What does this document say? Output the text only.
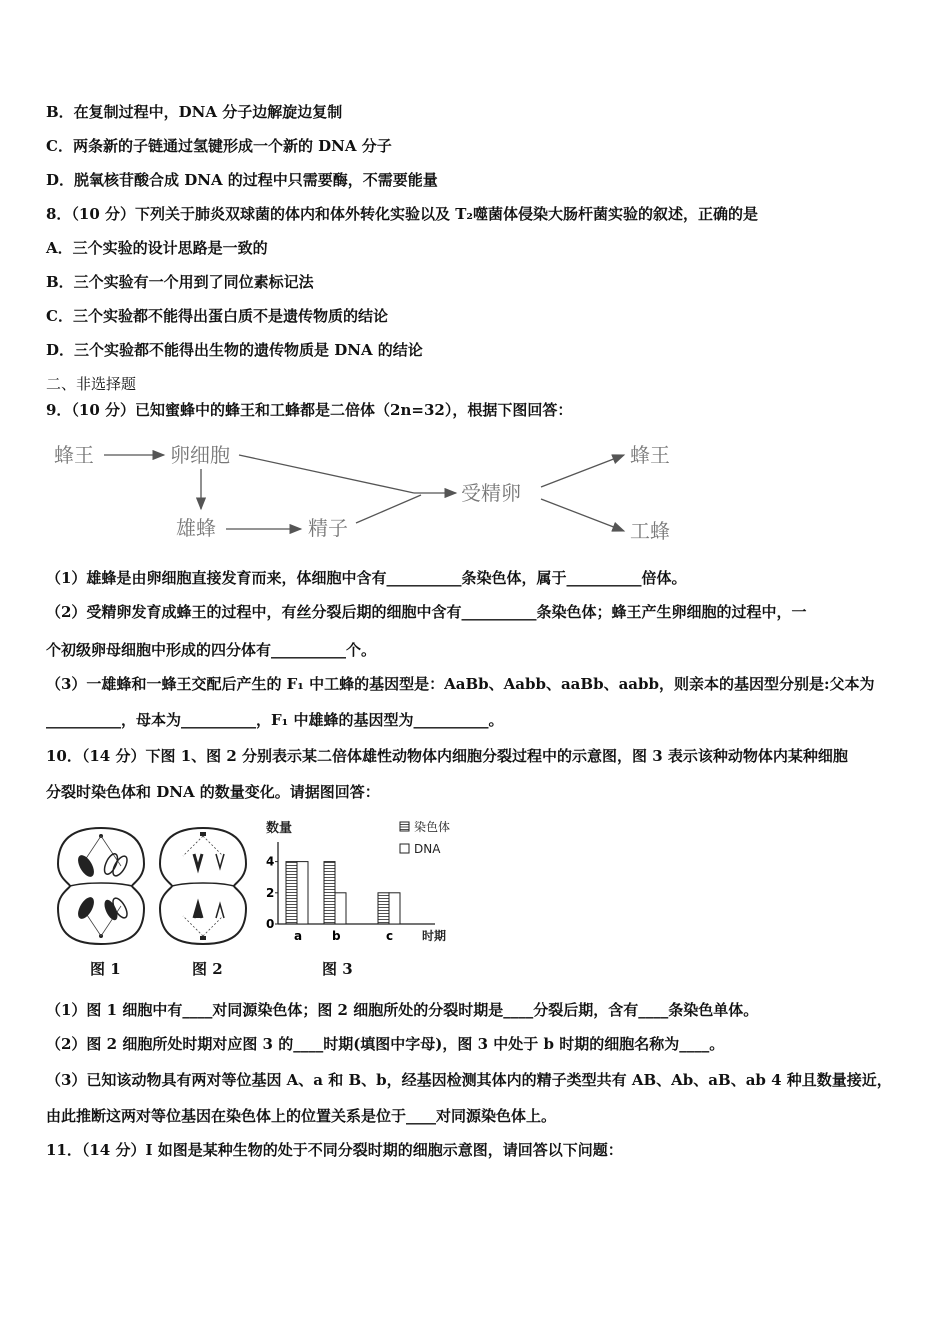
B．在复制过程中，DNA 分子边解旋边复制
C．两条新的子链通过氢键形成一个新的 DNA 分子
D．脱氧核苷酸合成 DNA 的过程中只需要酶，不需要能量
8．（10 分）下列关于肺炎双球菌的体内和体外转化实验以及 T₂噬菌体侵染大肠杆菌实验的叙述，正确的是
A．三个实验的设计思路是一致的
B．三个实验有一个用到了同位素标记法
C．三个实验都不能得出蛋白质不是遗传物质的结论
D．三个实验都不能得出生物的遗传物质是 DNA 的结论
二、非选择题
9．（10 分）已知蜜蜂中的蜂王和工蜂都是二倍体（2n=32），根据下图回答：
蜂王	卵细胞
雄蜂	精子
受精卵
蜂王
工蜂
（1）雄蜂是由卵细胞直接发育而来，体细胞中含有__________条染色体，属于__________倍体。
（2）受精卵发育成蜂王的过程中，有丝分裂后期的细胞中含有__________条染色体；蜂王产生卵细胞的过程中，一
个初级卵母细胞中形成的四分体有__________个。
（3）一雄蜂和一蜂王交配后产生的 F₁ 中工蜂的基因型是：AaBb、Aabb、aaBb、aabb，则亲本的基因型分别是:父本为
__________，母本为__________，F₁ 中雄蜂的基因型为__________。
10．（14 分）下图 1、图 2 分别表示某二倍体雄性动物体内细胞分裂过程中的示意图，图 3 表示该种动物体内某种细胞
分裂时染色体和 DNA 的数量变化。请据图回答：
图 1	图 2
数量
时期
0
2
4
a b	c
染色体
DNA
图 3
（1）图 1 细胞中有____对同源染色体；图 2 细胞所处的分裂时期是____分裂后期，含有____条染色单体。
（2）图 2 细胞所处时期对应图 3 的____时期(填图中字母)，图 3 中处于 b 时期的细胞名称为____。
（3）已知该动物具有两对等位基因 A、a 和 B、b，经基因检测其体内的精子类型共有 AB、Ab、aB、ab 4 种且数量接近，
由此推断这两对等位基因在染色体上的位置关系是位于____对同源染色体上。
11．（14 分）I 如图是某种生物的处于不同分裂时期的细胞示意图，请回答以下问题：
